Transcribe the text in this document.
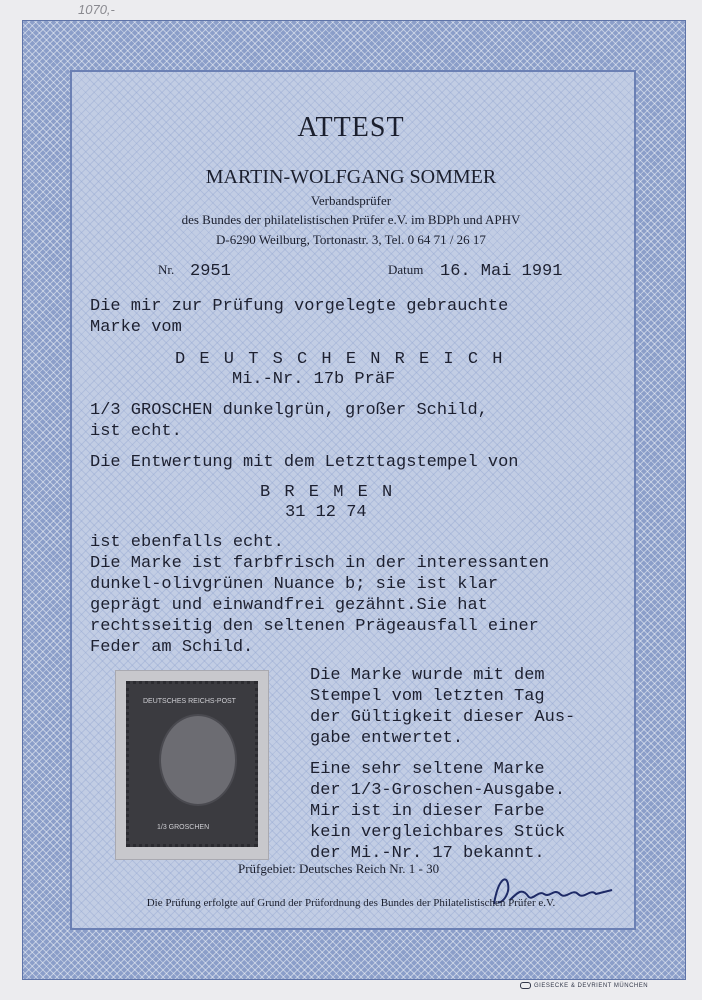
1070,-
ATTEST
MARTIN-WOLFGANG SOMMER
Verbandsprüfer
des Bundes der philatelistischen Prüfer e.V. im BDPh und APHV
D-6290 Weilburg, Tortonastr. 3, Tel. 0 64 71 / 26 17
Nr. 2951	Datum 16. Mai 1991
Die mir zur Prüfung vorgelegte gebrauchte
Marke vom
D E U T S C H E N R E I C H
Mi.-Nr. 17b PräF
1/3 GROSCHEN dunkelgrün, großer Schild,
ist echt.
Die Entwertung mit dem Letzttagstempel von
B R E M E N
31 12 74
ist ebenfalls echt.
Die Marke ist farbfrisch in der interessanten
dunkel-olivgrünen Nuance b; sie ist klar
geprägt und einwandfrei gezähnt.Sie hat
rechtsseitig den seltenen Prägeausfall einer
Feder am Schild.
DEUTSCHES REICHS-POST
1/3 GROSCHEN
Die Marke wurde mit dem
Stempel vom letzten Tag
der Gültigkeit dieser Aus-
gabe entwertet.
Eine sehr seltene Marke
der 1/3-Groschen-Ausgabe.
Mir ist in dieser Farbe
kein vergleichbares Stück
der Mi.-Nr. 17 bekannt.
Prüfgebiet: Deutsches Reich Nr. 1 - 30
Die Prüfung erfolgte auf Grund der Prüfordnung des Bundes der Philatelistischen Prüfer e.V.
GIESECKE & DEVRIENT MÜNCHEN
